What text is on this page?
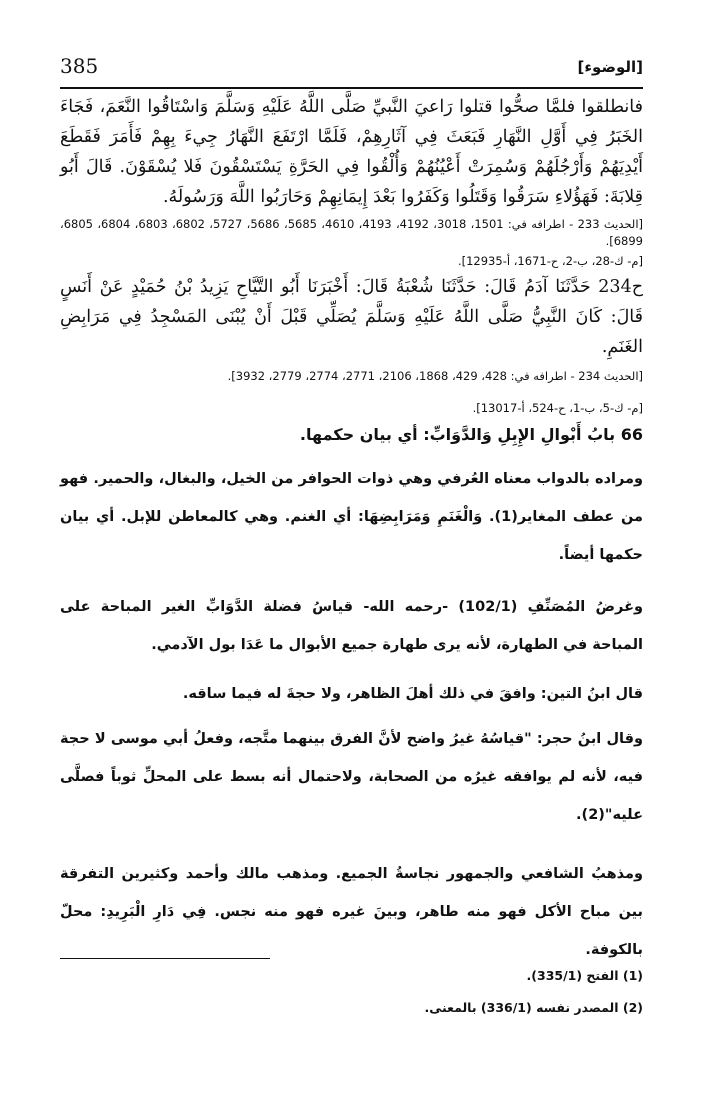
385	[الوضوء]
فانطلقوا فلمَّا صحُّوا قتلوا رَاعيَ النَّبيِّ صَلَّى اللَّهُ عَلَيْهِ وَسَلَّمَ وَاسْتَاقُوا النَّعَمَ، فَجَاءَ الخَبَرُ فِي أَوَّلِ النَّهَارِ فَبَعَثَ فِي آثَارِهِمْ، فَلَمَّا ارْتَفَعَ النَّهَارُ جِيءَ بِهِمْ فَأَمَرَ فَقَطَعَ أَيْدِيَهُمْ وَأَرْجُلَهُمْ وَسُمِرَتْ أَعْيُنُهُمْ وَأُلْقُوا فِي الحَرَّةِ يَسْتَسْقُونَ فَلا يُسْقَوْنَ. قَالَ أَبُو قِلابَةَ: فَهَؤُلاءِ سَرَقُوا وَقَتَلُوا وَكَفَرُوا بَعْدَ إِيمَانِهِمْ وَحَارَبُوا اللَّهَ وَرَسُولَهُ.
[الحديث 233 - اطرافه في: 1501، 3018، 4192، 4193، 4610، 5685، 5686، 5727، 6802، 6803، 6804، 6805، 6899].
[م- ك-28، ب-2، ح-1671، أ-12935].
ح234 حَدَّثَنَا آدَمُ قَالَ: حَدَّثَنَا شُعْبَةُ قَالَ: أَخْبَرَنَا أَبُو التَّيَّاحِ يَزِيدُ بْنُ حُمَيْدٍ عَنْ أَنَسٍ قَالَ: كَانَ النَّبِيُّ صَلَّى اللَّهُ عَلَيْهِ وَسَلَّمَ يُصَلِّي قَبْلَ أَنْ يُبْنَى المَسْجِدُ فِي مَرَابِضِ الغَنَمِ.
[الحديث 234 - اطرافه في: 428، 429، 1868، 2106، 2771، 2774، 2779، 3932].
[م- ك-5، ب-1، ح-524، أ-13017].
66 بابُ أَبْوالِ الإِبِلِ وَالدَّوَابِّ: أي بيان حكمها.
ومراده بالدواب معناه العُرفي وهي ذوات الحوافر من الخيل، والبغال، والحمير. فهو من عطف المغاير(1). وَالْغَنَمِ وَمَرَابِضِهَا: أي الغنم. وهي كالمعاطن للإبل. أي بيان حكمها أيضاً.
وغرضُ المُصَنِّفِ (102/1) -رحمه الله- قياسُ فضلة الدَّوَابِّ الغير المباحة على المباحة في الطهارة، لأنه يرى طهارة جميع الأبوال ما عَدَا بول الآدمي.
قال ابنُ التين: وافقَ في ذلك أهلَ الظاهر، ولا حجةَ له فيما ساقه.
وقال ابنُ حجر: "قياسُهُ غيرُ واضح لأنَّ الفرق بينهما متَّجه، وفعلُ أبي موسى لا حجة فيه، لأنه لم يوافقه غيرُه من الصحابة، ولاحتمال أنه بسط على المحلِّ ثوباً فصلَّى عليه"(2).
ومذهبُ الشافعي والجمهور نجاسةُ الجميع. ومذهب مالك وأحمد وكثيرين التفرقة بين مباح الأكل فهو منه طاهر، وبينَ غيره فهو منه نجس. فِي دَارِ الْبَرِيدِ: محلّ بالكوفة.
(1) الفتح (335/1).
(2) المصدر نفسه (336/1) بالمعنى.
